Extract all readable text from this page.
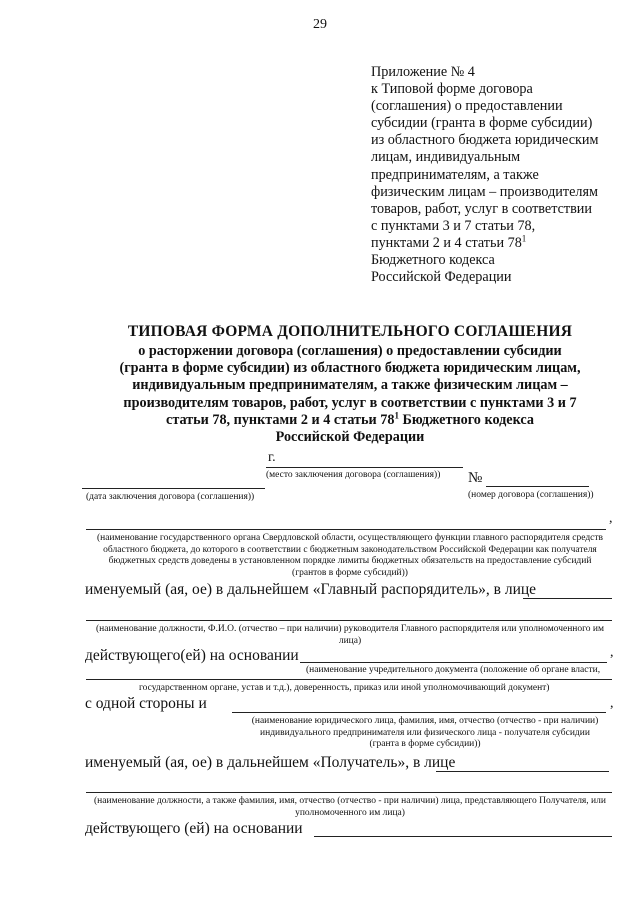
29
Приложение № 4
к Типовой форме договора
(соглашения) о предоставлении
субсидии (гранта в форме субсидии)
из областного бюджета юридическим
лицам, индивидуальным
предпринимателям, а также
физическим лицам – производителям
товаров, работ, услуг в соответствии
с пунктами 3 и 7 статьи 78,
пунктами 2 и 4 статьи $78^1$
Бюджетного кодекса
Российской Федерации
ТИПОВАЯ ФОРМА ДОПОЛНИТЕЛЬНОГО СОГЛАШЕНИЯ
о расторжении договора (соглашения) о предоставлении субсидии
(гранта в форме субсидии) из областного бюджета юридическим лицам,
индивидуальным предпринимателям, а также физическим лицам –
производителям товаров, работ, услуг в соответствии с пунктами 3 и 7
статьи 78, пунктами 2 и 4 статьи $78^1$ Бюджетного кодекса
Российской Федерации
г.
(место заключения договора (соглашения))
(дата заключения договора (соглашения))
№
(номер договора (соглашения))
,
(наименование государственного органа Свердловской области, осуществляющего функции главного распорядителя средств
областного бюджета, до которого в соответствии с бюджетным законодательством Российской Федерации как получателя
бюджетных средств доведены в установленном порядке лимиты бюджетных обязательств на предоставление субсидий
(грантов в форме субсидий))
именуемый (ая, ое) в дальнейшем «Главный распорядитель», в лице
(наименование должности, Ф.И.О. (отчество – при наличии) руководителя Главного распорядителя или уполномоченного им
лица)
действующего(ей) на основании	,
(наименование учредительного документа (положение об органе власти,
государственном органе, устав и т.д.), доверенность, приказ или иной уполномочивающий документ)
с одной стороны и	,
(наименование юридического лица, фамилия, имя, отчество (отчество - при наличии)
индивидуального предпринимателя или физического лица - получателя субсидии
(гранта в форме субсидии))
именуемый (ая, ое) в дальнейшем «Получатель», в лице
(наименование должности, а также фамилия, имя, отчество (отчество - при наличии) лица, представляющего Получателя, или
уполномоченного им лица)
действующего (ей) на основании
